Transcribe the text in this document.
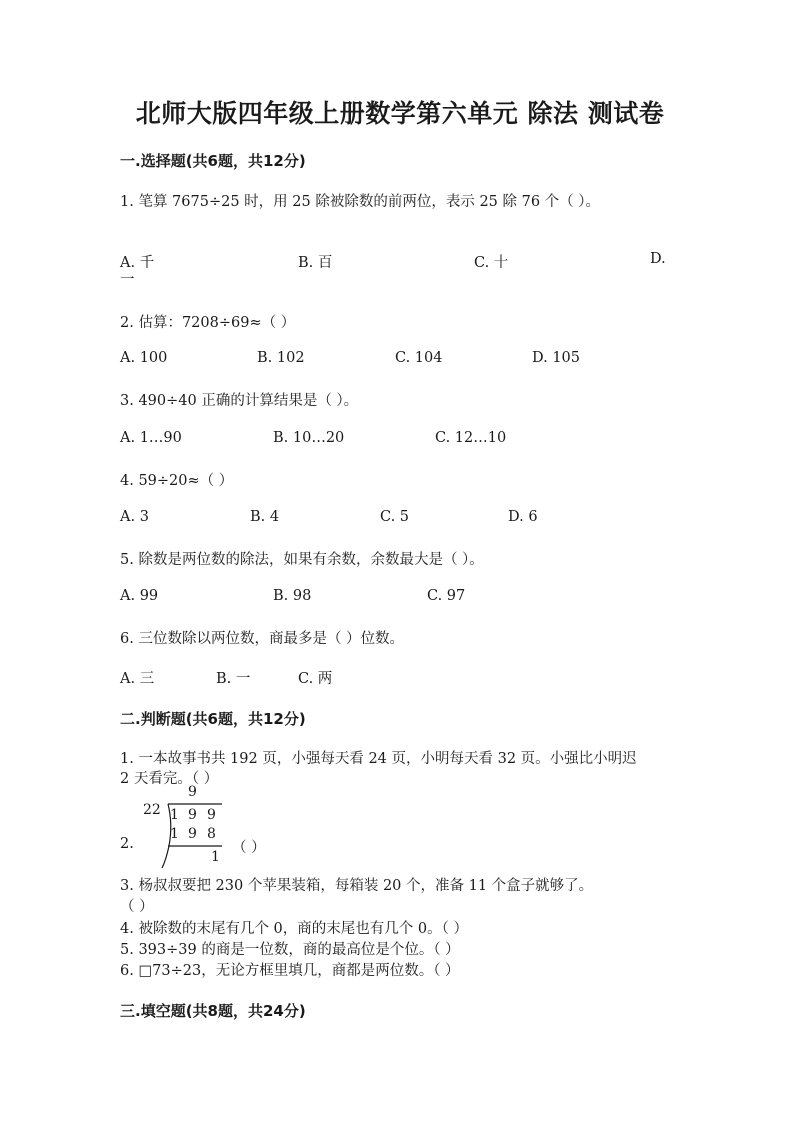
北师大版四年级上册数学第六单元 除法 测试卷
一.选择题(共6题，共12分)
1. 笔算 7675÷25 时，用 25 除被除数的前两位，表示 25 除 76 个（ ）。
A. 千	B. 百	C. 十	D.
一
2. 估算：7208÷69≈（ ）
A. 100	B. 102	C. 104	D. 105
3. 490÷40 正确的计算结果是（ ）。
A. 1…90	B. 10…20	C. 12…10
4. 59÷20≈（ ）
A. 3	B. 4	C. 5	D. 6
5. 除数是两位数的除法，如果有余数，余数最大是（ ）。
A. 99	B. 98	C. 97
6. 三位数除以两位数，商最多是（ ）位数。
A. 三	B. 一	C. 两
二.判断题(共6题，共12分)
1. 一本故事书共 192 页，小强每天看 24 页，小明每天看 32 页。小强比小明迟
2 天看完。（ ）
9
22 1 9 9
1 9 8
1
2.	（ ）
3. 杨叔叔要把 230 个苹果装箱，每箱装 20 个，准备 11 个盒子就够了。
（ ）
4. 被除数的末尾有几个 0，商的末尾也有几个 0。（ ）
5. 393÷39 的商是一位数，商的最高位是个位。（ ）
6. □73÷23，无论方框里填几，商都是两位数。（ ）
三.填空题(共8题，共24分)
